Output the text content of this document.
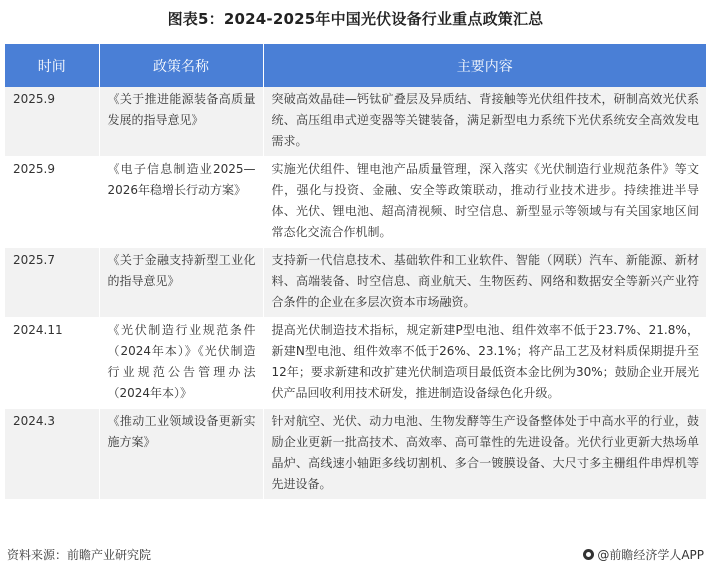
图表5：2024-2025年中国光伏设备行业重点政策汇总
时间	政策名称	主要内容
2025.9	《关于推进能源装备高质量发展的指导意见》	突破高效晶硅—钙钛矿叠层及异质结、背接触等光伏组件技术，研制高效光伏系统、高压组串式逆变器等关键装备，满足新型电力系统下光伏系统安全高效发电需求。
2025.9	《电子信息制造业2025—2026年稳增长行动方案》	实施光伏组件、锂电池产品质量管理，深入落实《光伏制造行业规范条件》等文件，强化与投资、金融、安全等政策联动，推动行业技术进步。持续推进半导体、光伏、锂电池、超高清视频、时空信息、新型显示等领域与有关国家地区间常态化交流合作机制。
2025.7	《关于金融支持新型工业化的指导意见》	支持新一代信息技术、基础软件和工业软件、智能（网联）汽车、新能源、新材料、高端装备、时空信息、商业航天、生物医药、网络和数据安全等新兴产业符合条件的企业在多层次资本市场融资。
2024.11	《光伏制造行业规范条件（2024年本）》《光伏制造行业规范公告管理办法（2024年本）》	提高光伏制造技术指标，规定新建P型电池、组件效率不低于23.7%、21.8%，新建N型电池、组件效率不低于26%、23.1%；将产品工艺及材料质保期提升至12年；要求新建和改扩建光伏制造项目最低资本金比例为30%；鼓励企业开展光伏产品回收利用技术研发，推进制造设备绿色化升级。
2024.3	《推动工业领域设备更新实施方案》	针对航空、光伏、动力电池、生物发酵等生产设备整体处于中高水平的行业，鼓励企业更新一批高技术、高效率、高可靠性的先进设备。光伏行业更新大热场单晶炉、高线速小轴距多线切割机、多合一镀膜设备、大尺寸多主栅组件串焊机等先进设备。
资料来源：前瞻产业研究院	@前瞻经济学人APP
